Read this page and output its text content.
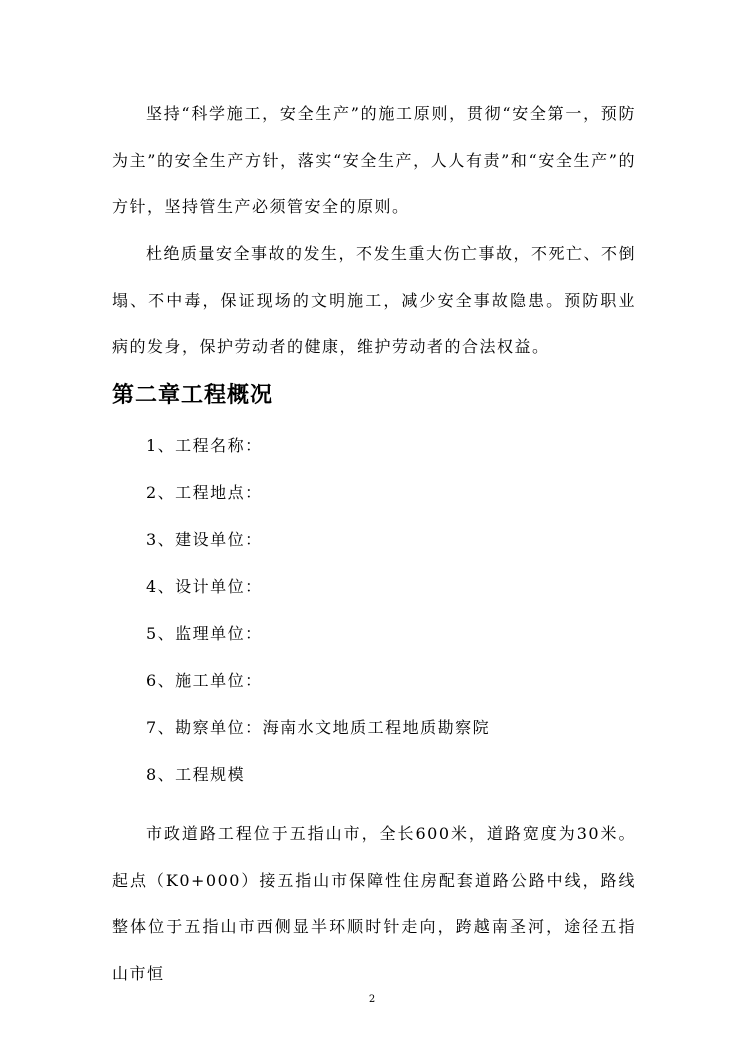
坚持“科学施工，安全生产”的施工原则，贯彻“安全第一，预防为主”的安全生产方针，落实“安全生产，人人有责”和“安全生产”的方针，坚持管生产必须管安全的原则。

杜绝质量安全事故的发生，不发生重大伤亡事故，不死亡、不倒塌、不中毒，保证现场的文明施工，减少安全事故隐患。预防职业病的发身，保护劳动者的健康，维护劳动者的合法权益。

第二章工程概况
1、工程名称：
2、工程地点：
3、建设单位：
4、设计单位：
5、监理单位：
6、施工单位：
7、勘察单位：海南水文地质工程地质勘察院
8、工程规模

市政道路工程位于五指山市，全长600米，道路宽度为30米。起点（K0+000）接五指山市保障性住房配套道路公路中线，路线整体位于五指山市西侧显半环顺时针走向，跨越南圣河，途径五指山市恒

2
